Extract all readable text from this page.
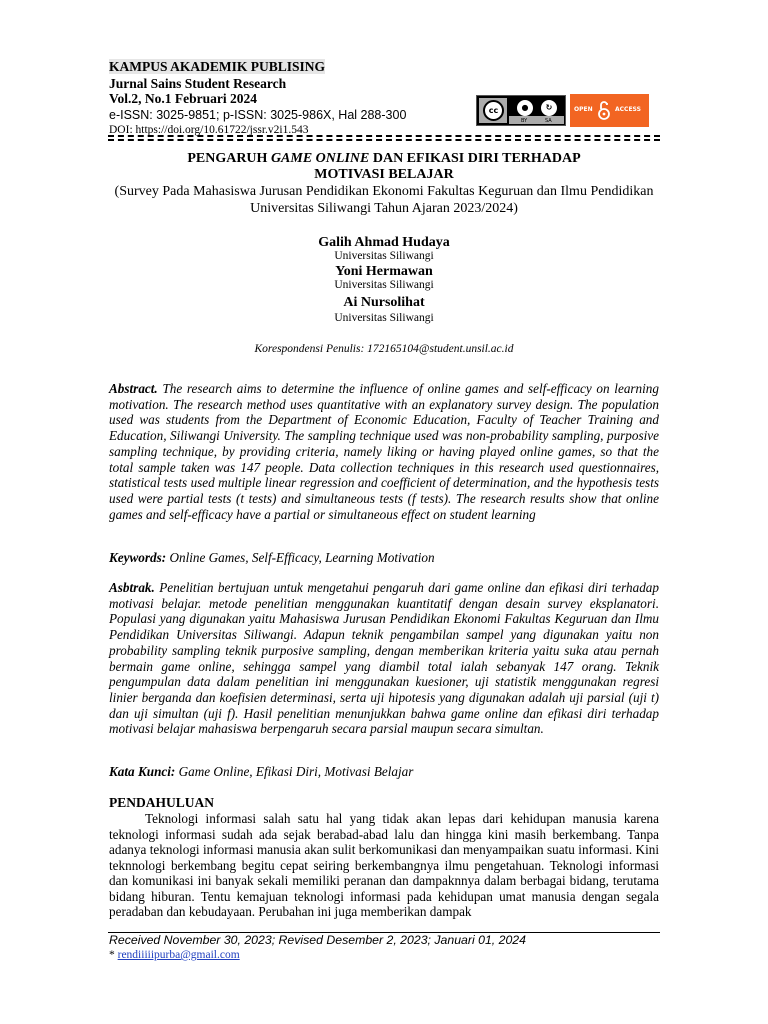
KAMPUS AKADEMIK PUBLISING
Jurnal Sains Student Research
Vol.2, No.1 Februari 2024
e-ISSN: 3025-9851; p-ISSN: 3025-986X, Hal 288-300
DOI: https://doi.org/10.61722/jssr.v2i1.543
cc	●	↻
BY	SA
OPEN	ACCESS
PENGARUH GAME ONLINE DAN EFIKASI DIRI TERHADAP
MOTIVASI BELAJAR
(Survey Pada Mahasiswa Jurusan Pendidikan Ekonomi Fakultas Keguruan dan Ilmu Pendidikan Universitas Siliwangi Tahun Ajaran 2023/2024)
Galih Ahmad Hudaya
Universitas Siliwangi
Yoni Hermawan
Universitas Siliwangi
Ai Nursolihat
Universitas Siliwangi
Korespondensi Penulis: 172165104@student.unsil.ac.id
Abstract. The research aims to determine the influence of online games and self-efficacy on learning motivation. The research method uses quantitative with an explanatory survey design. The population used was students from the Department of Economic Education, Faculty of Teacher Training and Education, Siliwangi University. The sampling technique used was non-probability sampling, purposive sampling technique, by providing criteria, namely liking or having played online games, so that the total sample taken was 147 people. Data collection techniques in this research used questionnaires, statistical tests used multiple linear regression and coefficient of determination, and the hypothesis tests used were partial tests (t tests) and simultaneous tests (f tests). The research results show that online games and self-efficacy have a partial or simultaneous effect on student learning
Keywords: Online Games, Self-Efficacy, Learning Motivation
Asbtrak. Penelitian bertujuan untuk mengetahui pengaruh dari game online dan efikasi diri terhadap motivasi belajar. metode penelitian menggunakan kuantitatif dengan desain survey eksplanatori. Populasi yang digunakan yaitu Mahasiswa Jurusan Pendidikan Ekonomi Fakultas Keguruan dan Ilmu Pendidikan Universitas Siliwangi. Adapun teknik pengambilan sampel yang digunakan yaitu non probability sampling teknik purposive sampling, dengan memberikan kriteria yaitu suka atau pernah bermain game online, sehingga sampel yang diambil total ialah sebanyak 147 orang. Teknik pengumpulan data dalam penelitian ini menggunakan kuesioner, uji statistik menggunakan regresi linier berganda dan koefisien determinasi, serta uji hipotesis yang digunakan adalah uji parsial (uji t) dan uji simultan (uji f). Hasil penelitian menunjukkan bahwa game online dan efikasi diri terhadap motivasi belajar mahasiswa berpengaruh secara parsial maupun secara simultan.
Kata Kunci: Game Online, Efikasi Diri, Motivasi Belajar
PENDAHULUAN
Teknologi informasi salah satu hal yang tidak akan lepas dari kehidupan manusia karena teknologi informasi sudah ada sejak berabad-abad lalu dan hingga kini masih berkembang. Tanpa adanya teknologi informasi manusia akan sulit berkomunikasi dan menyampaikan suatu informasi. Kini teknnologi berkembang begitu cepat seiring berkembangnya ilmu pengetahuan. Teknologi informasi dan komunikasi ini banyak sekali memiliki peranan dan dampaknnya dalam berbagai bidang, terutama bidang hiburan. Tentu kemajuan teknologi informasi pada kehidupan umat manusia dengan segala peradaban dan kebudayaan. Perubahan ini juga memberikan dampak
Received November 30, 2023; Revised Desember 2, 2023; Januari 01, 2024
* rendiiiiipurba@gmail.com
